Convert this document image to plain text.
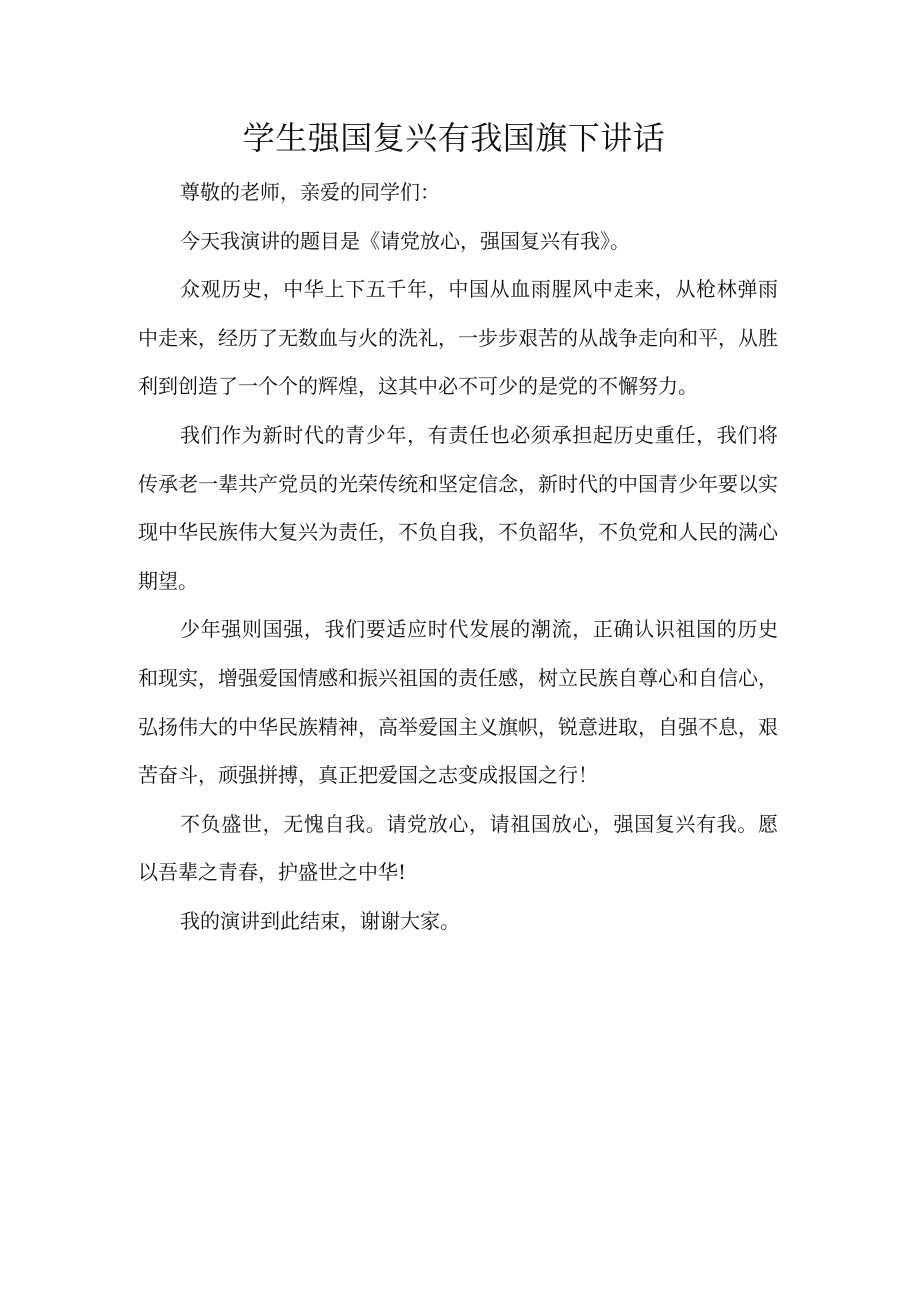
学生强国复兴有我国旗下讲话

尊敬的老师，亲爱的同学们：

今天我演讲的题目是《请党放心，强国复兴有我》。

众观历史，中华上下五千年，中国从血雨腥风中走来，从枪林弹雨中走来，经历了无数血与火的洗礼，一步步艰苦的从战争走向和平，从胜利到创造了一个个的辉煌，这其中必不可少的是党的不懈努力。

我们作为新时代的青少年，有责任也必须承担起历史重任，我们将传承老一辈共产党员的光荣传统和坚定信念，新时代的中国青少年要以实现中华民族伟大复兴为责任，不负自我，不负韶华，不负党和人民的满心期望。

少年强则国强，我们要适应时代发展的潮流，正确认识祖国的历史和现实，增强爱国情感和振兴祖国的责任感，树立民族自尊心和自信心，弘扬伟大的中华民族精神，高举爱国主义旗帜，锐意进取，自强不息，艰苦奋斗，顽强拼搏，真正把爱国之志变成报国之行！

不负盛世，无愧自我。请党放心，请祖国放心，强国复兴有我。愿以吾辈之青春，护盛世之中华!

我的演讲到此结束，谢谢大家。
